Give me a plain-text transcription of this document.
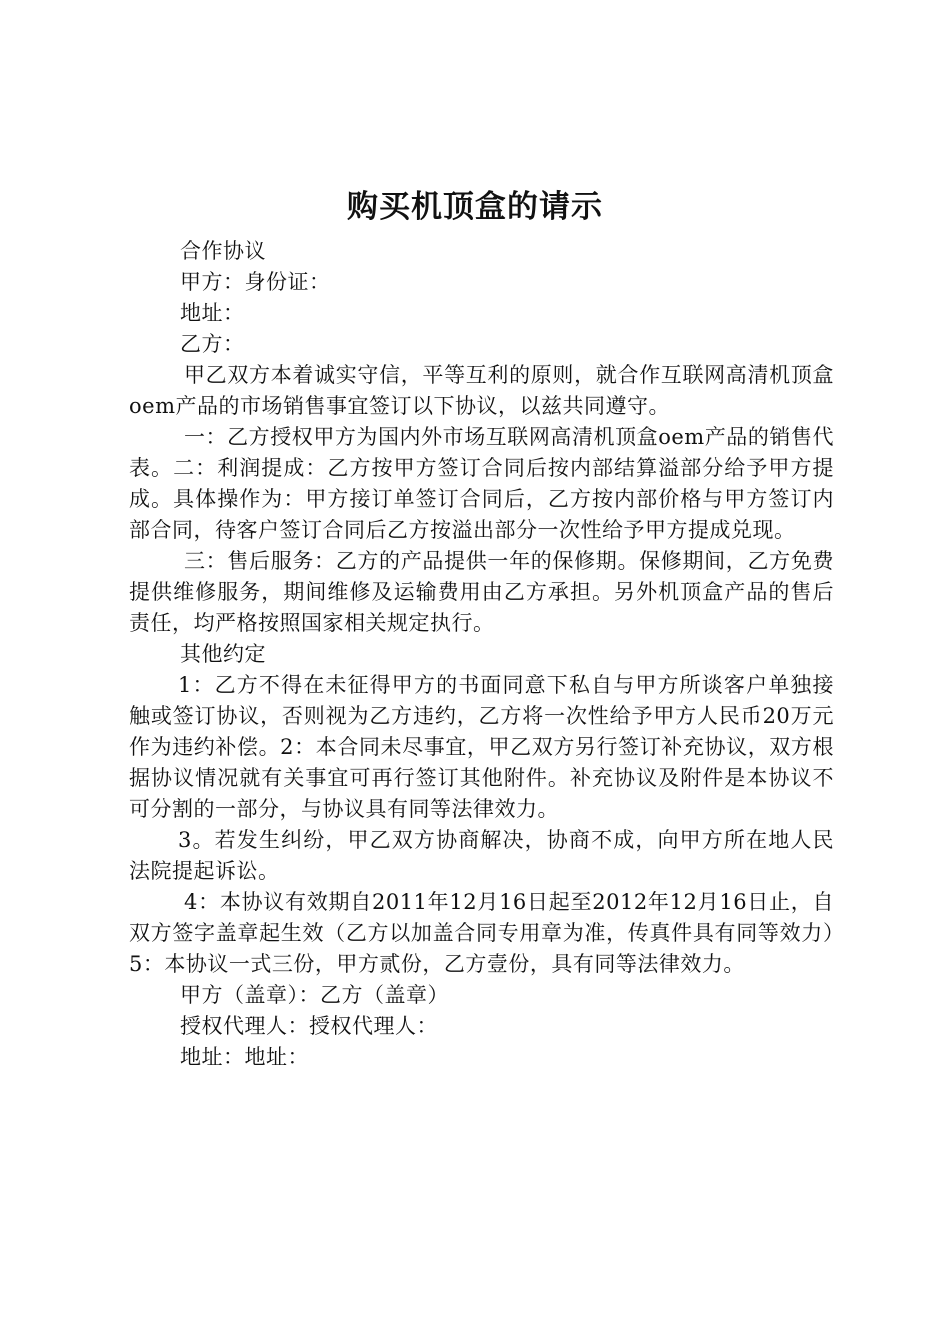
购买机顶盒的请示

合作协议

甲方：身份证：

地址：

乙方：

甲乙双方本着诚实守信，平等互利的原则，就合作互联网高清机顶盒oem产品的市场销售事宜签订以下协议，以兹共同遵守。

一：乙方授权甲方为国内外市场互联网高清机顶盒oem产品的销售代表。二：利润提成：乙方按甲方签订合同后按内部结算溢部分给予甲方提成。具体操作为：甲方接订单签订合同后，乙方按内部价格与甲方签订内部合同，待客户签订合同后乙方按溢出部分一次性给予甲方提成兑现。

三：售后服务：乙方的产品提供一年的保修期。保修期间，乙方免费提供维修服务，期间维修及运输费用由乙方承担。另外机顶盒产品的售后责任，均严格按照国家相关规定执行。

其他约定

1：乙方不得在未征得甲方的书面同意下私自与甲方所谈客户单独接触或签订协议，否则视为乙方违约，乙方将一次性给予甲方人民币20万元作为违约补偿。2：本合同未尽事宜，甲乙双方另行签订补充协议，双方根据协议情况就有关事宜可再行签订其他附件。补充协议及附件是本协议不可分割的一部分，与协议具有同等法律效力。

3。若发生纠纷，甲乙双方协商解决，协商不成，向甲方所在地人民法院提起诉讼。

4：本协议有效期自2011年12月16日起至2012年12月16日止，自双方签字盖章起生效（乙方以加盖合同专用章为准，传真件具有同等效力）5：本协议一式三份，甲方贰份，乙方壹份，具有同等法律效力。

甲方（盖章）：乙方（盖章）

授权代理人：授权代理人：

地址：地址：
